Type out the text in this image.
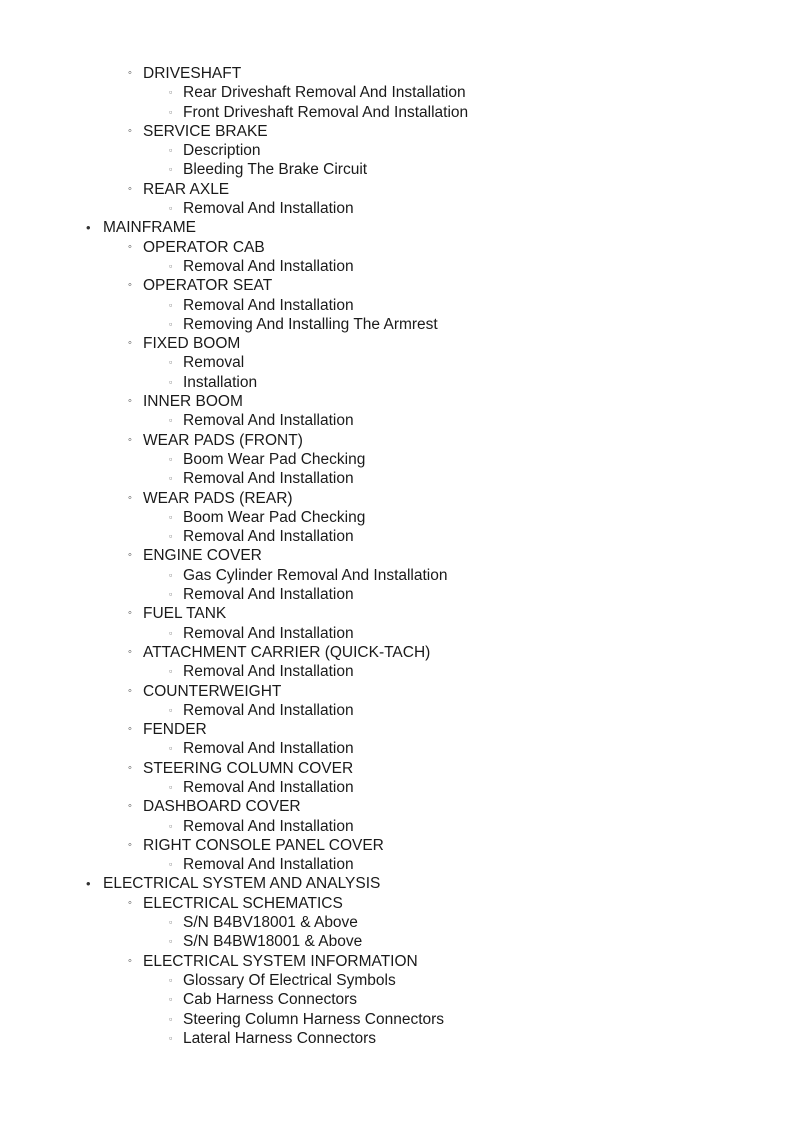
◦ DRIVESHAFT
▫ Rear Driveshaft Removal And Installation
▫ Front Driveshaft Removal And Installation
◦ SERVICE BRAKE
▫ Description
▫ Bleeding The Brake Circuit
◦ REAR AXLE
▫ Removal And Installation
• MAINFRAME
◦ OPERATOR CAB
▫ Removal And Installation
◦ OPERATOR SEAT
▫ Removal And Installation
▫ Removing And Installing The Armrest
◦ FIXED BOOM
▫ Removal
▫ Installation
◦ INNER BOOM
▫ Removal And Installation
◦ WEAR PADS (FRONT)
▫ Boom Wear Pad Checking
▫ Removal And Installation
◦ WEAR PADS (REAR)
▫ Boom Wear Pad Checking
▫ Removal And Installation
◦ ENGINE COVER
▫ Gas Cylinder Removal And Installation
▫ Removal And Installation
◦ FUEL TANK
▫ Removal And Installation
◦ ATTACHMENT CARRIER (QUICK-TACH)
▫ Removal And Installation
◦ COUNTERWEIGHT
▫ Removal And Installation
◦ FENDER
▫ Removal And Installation
◦ STEERING COLUMN COVER
▫ Removal And Installation
◦ DASHBOARD COVER
▫ Removal And Installation
◦ RIGHT CONSOLE PANEL COVER
▫ Removal And Installation
• ELECTRICAL SYSTEM AND ANALYSIS
◦ ELECTRICAL SCHEMATICS
▫ S/N B4BV18001 & Above
▫ S/N B4BW18001 & Above
◦ ELECTRICAL SYSTEM INFORMATION
▫ Glossary Of Electrical Symbols
▫ Cab Harness Connectors
▫ Steering Column Harness Connectors
▫ Lateral Harness Connectors
